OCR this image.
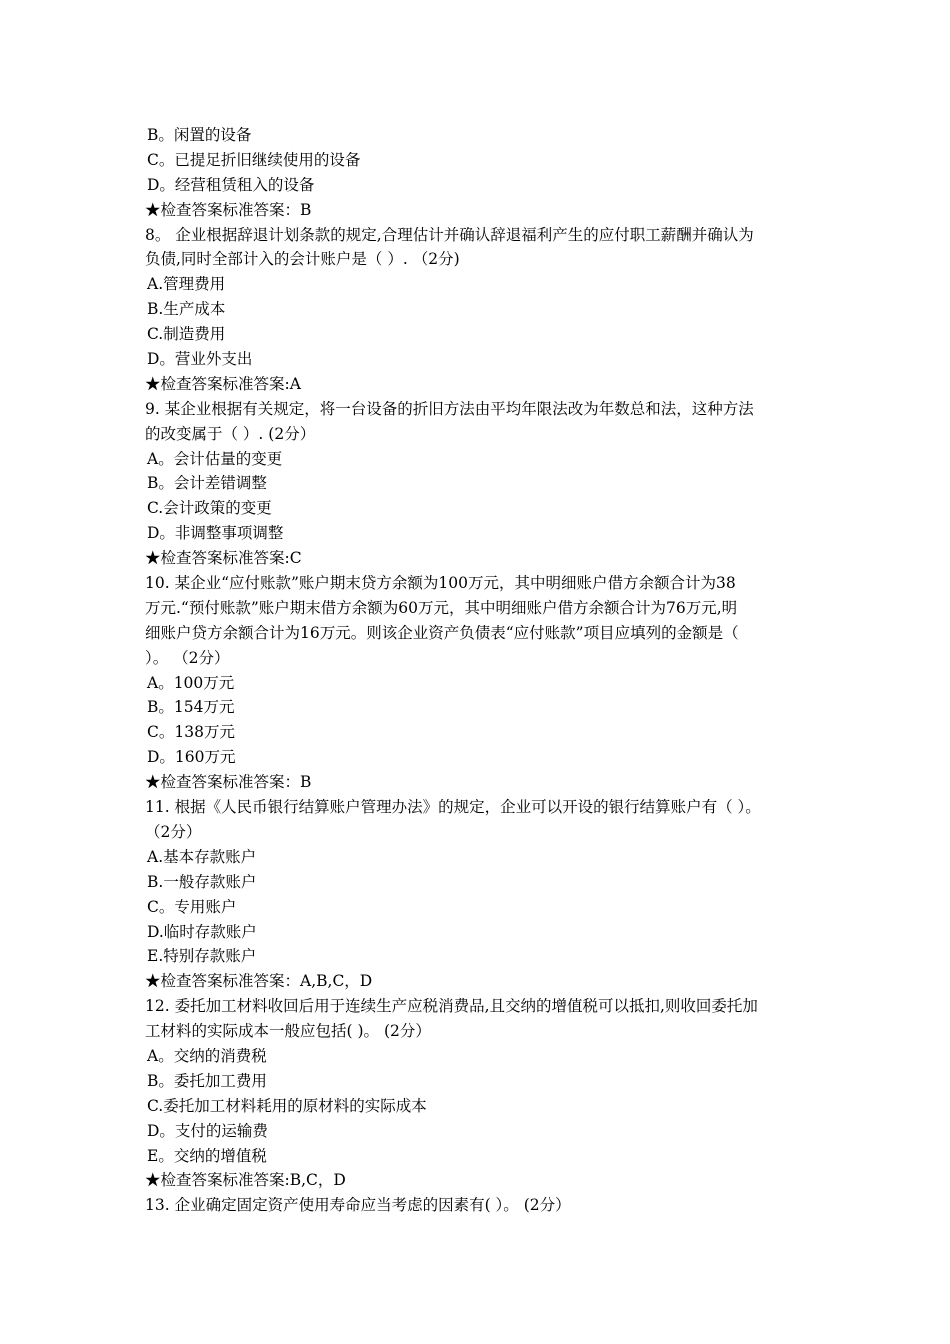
B。闲置的设备
C。已提足折旧继续使用的设备
D。经营租赁租入的设备
★检查答案标准答案：B
8。 企业根据辞退计划条款的规定,合理估计并确认辞退福利产生的应付职工薪酬并确认为
负债,同时全部计入的会计账户是（ ）. （2分)
A.管理费用
B.生产成本
C.制造费用
D。营业外支出
★检查答案标准答案:A
9. 某企业根据有关规定，将一台设备的折旧方法由平均年限法改为年数总和法，这种方法
的改变属于（ ）. (2分）
A。会计估量的变更
B。会计差错调整
C.会计政策的变更
D。非调整事项调整
★检查答案标准答案:C
10. 某企业“应付账款”账户期末贷方余额为100万元，其中明细账户借方余额合计为38
万元.“预付账款”账户期末借方余额为60万元，其中明细账户借方余额合计为76万元,明
细账户贷方余额合计为16万元。则该企业资产负债表“应付账款”项目应填列的金额是（
）。 （2分）
A。100万元
B。154万元
C。138万元
D。160万元
★检查答案标准答案：B
11. 根据《人民币银行结算账户管理办法》的规定，企业可以开设的银行结算账户有（ ）。
（2分）
A.基本存款账户
B.一般存款账户
C。专用账户
D.临时存款账户
E.特别存款账户
★检查答案标准答案：A,B,C，D
12. 委托加工材料收回后用于连续生产应税消费品,且交纳的增值税可以抵扣,则收回委托加
工材料的实际成本一般应包括( )。 (2分）
A。交纳的消费税
B。委托加工费用
C.委托加工材料耗用的原材料的实际成本
D。支付的运输费
E。交纳的增值税
★检查答案标准答案:B,C，D
13. 企业确定固定资产使用寿命应当考虑的因素有( ）。 (2分）
